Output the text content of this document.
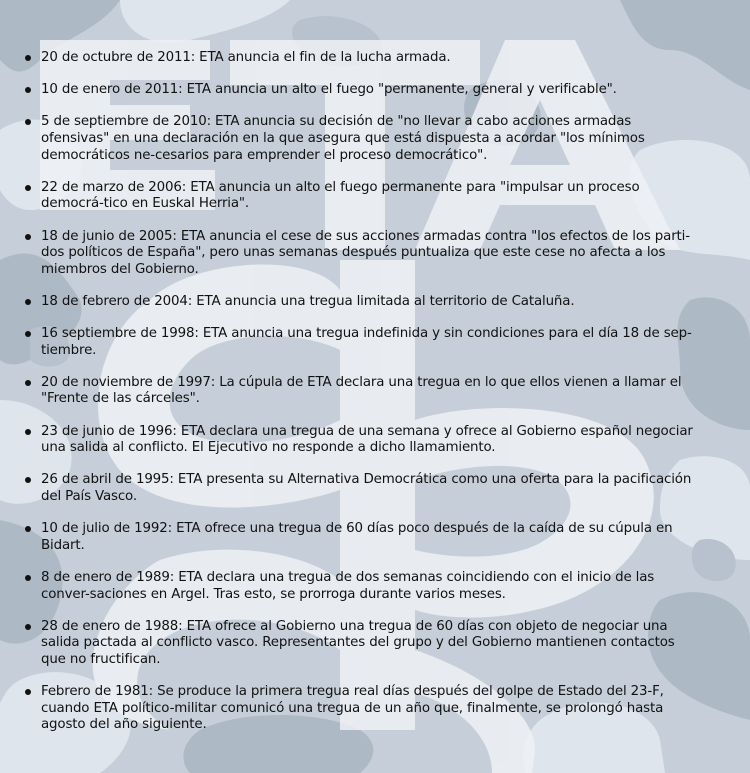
20 de octubre de 2011: ETA anuncia el fin de la lucha armada.
10 de enero de 2011: ETA anuncia un alto el fuego "permanente, general y verificable".
5 de septiembre de 2010: ETA anuncia su decisión de "no llevar a cabo acciones armadas ofensivas" en una declaración en la que asegura que está dispuesta a acordar "los mínimos democráticos ne-cesarios para emprender el proceso democrático".
22 de marzo de 2006: ETA anuncia un alto el fuego permanente para "impulsar un proceso democrá-tico en Euskal Herria".
18 de junio de 2005: ETA anuncia el cese de sus acciones armadas contra "los efectos de los parti-dos políticos de España", pero unas semanas después puntualiza que este cese no afecta a los miembros del Gobierno.
18 de febrero de 2004: ETA anuncia una tregua limitada al territorio de Cataluña.
16 septiembre de 1998: ETA anuncia una tregua indefinida y sin condiciones para el día 18 de sep-tiembre.
20 de noviembre de 1997: La cúpula de ETA declara una tregua en lo que ellos vienen a llamar el "Frente de las cárceles".
23 de junio de 1996: ETA declara una tregua de una semana y ofrece al Gobierno español negociar una salida al conflicto. El Ejecutivo no responde a dicho llamamiento.
26 de abril de 1995: ETA presenta su Alternativa Democrática como una oferta para la pacificación del País Vasco.
10 de julio de 1992: ETA ofrece una tregua de 60 días poco después de la caída de su cúpula en Bidart.
8 de enero de 1989: ETA declara una tregua de dos semanas coincidiendo con el inicio de las conver-saciones en Argel. Tras esto, se prorroga durante varios meses.
28 de enero de 1988: ETA ofrece al Gobierno una tregua de 60 días con objeto de negociar una salida pactada al conflicto vasco. Representantes del grupo y del Gobierno mantienen contactos que no fructifican.
Febrero de 1981: Se produce la primera tregua real días después del golpe de Estado del 23-F, cuando ETA político-militar comunicó una tregua de un año que, finalmente, se prolongó hasta agosto del año siguiente.
